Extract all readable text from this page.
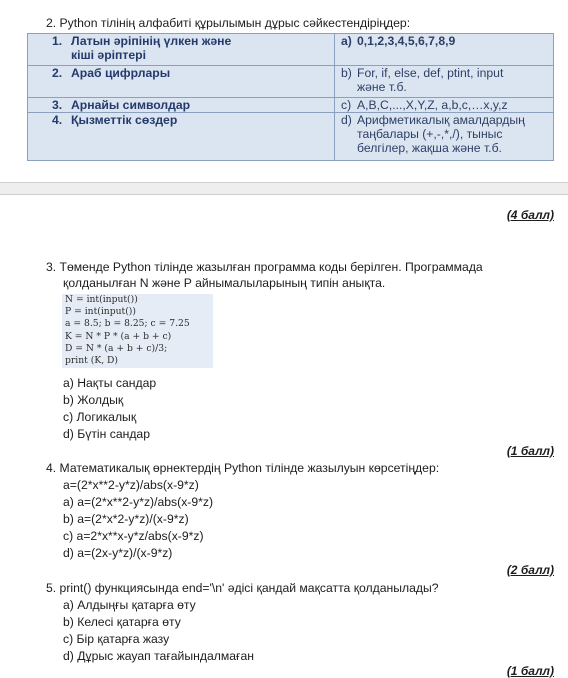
2. Python тілінің алфабиті құрылымын дұрыс сәйкестендіріңдер:
1. Латын әріпінің үлкен және
кіші әріптері	а) 0,1,2,3,4,5,6,7,8,9

2. Араб цифрлары	b) For, if, else, def, ptint, input
және т.б.

3. Арнайы символдар	c) A,B,C,...,X,Y,Z, a,b,c,…x,y,z
4. Қызметтік сөздер	d) Арифметикалық амалдардың
таңбалары (+,-,*,/), тыныс
белгілер, жақша және т.б.
(4 балл)
3. Төменде Python тілінде жазылған программа коды берілген. Программада
қолданылған N және P айнымалыларының типін анықта.
N = int(input())
P = int(input())
a = 8.5; b = 8.25; c = 7.25
K = N * P * (a + b + c)
D = N * (a + b + c)/3;
print (K, D)
a) Нақты сандар
b) Жолдық
c) Логикалық
d) Бүтін сандар
(1 балл)
4. Математикалық өрнектердің Python тілінде жазылуын көрсетіңдер:
a=(2*x**2-y*z)/abs(x-9*z)
a) a=(2*x**2-y*z)/abs(x-9*z)
b) a=(2*x*2-y*z)/(x-9*z)
c) a=2*x**x-y*z/abs(x-9*z)
d) a=(2x-y*z)/(x-9*z)
(2 балл)
5. print() функциясында end='\n' әдісі қандай мақсатта қолданылады?
a) Алдыңғы қатарға өту
b) Келесі қатарға өту
c) Бір қатарға жазу
d) Дұрыс жауап тағайындалмаған
(1 балл)
